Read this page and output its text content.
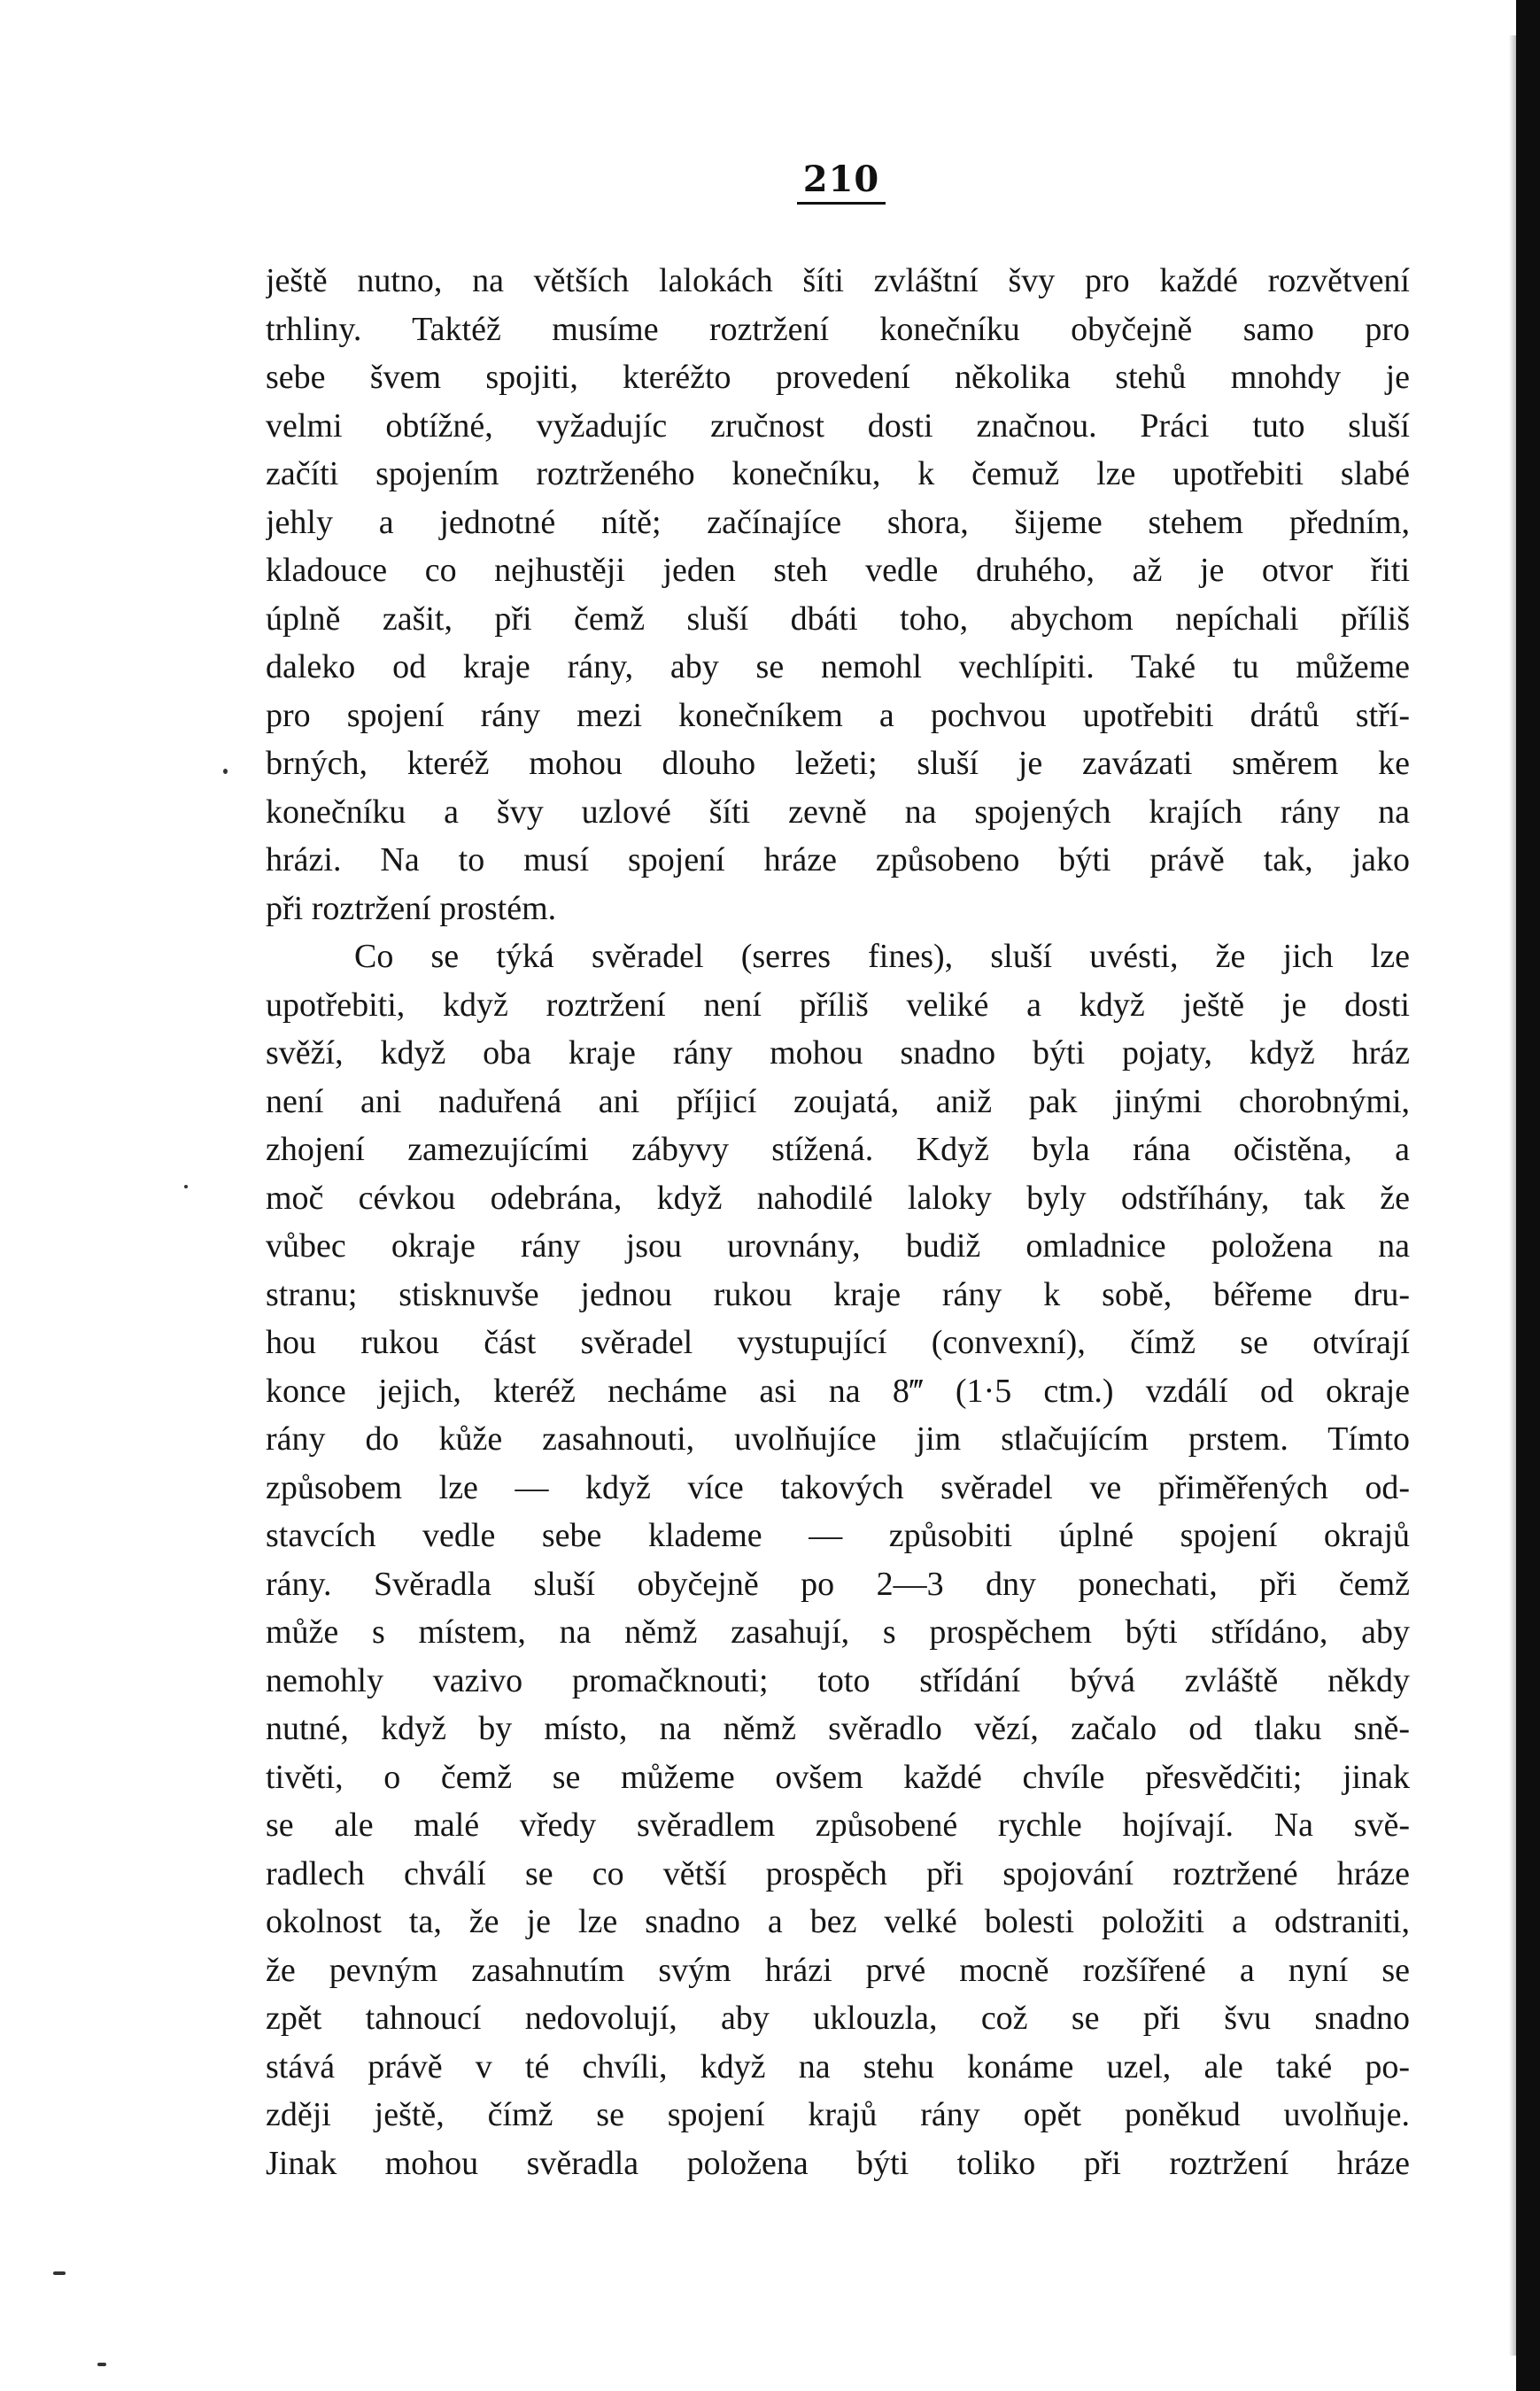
210
ještě nutno, na větších lalokách šíti zvláštní švy pro každé rozvětvení
trhliny. Taktéž musíme roztržení konečníku obyčejně samo pro
sebe švem spojiti, kteréžto provedení několika stehů mnohdy je
velmi obtížné, vyžadujíc zručnost dosti značnou. Práci tuto sluší
začíti spojením roztrženého konečníku, k čemuž lze upotřebiti slabé
jehly a jednotné nítě; začínajíce shora, šijeme stehem předním,
kladouce co nejhustěji jeden steh vedle druhého, až je otvor řiti
úplně zašit, při čemž sluší dbáti toho, abychom nepíchali příliš
daleko od kraje rány, aby se nemohl vechlípiti. Také tu můžeme
pro spojení rány mezi konečníkem a pochvou upotřebiti drátů stří-
brných, kteréž mohou dlouho ležeti; sluší je zavázati směrem ke
konečníku a švy uzlové šíti zevně na spojených krajích rány na
hrázi. Na to musí spojení hráze způsobeno býti právě tak, jako
při roztržení prostém.
Co se týká svěradel (serres fines), sluší uvésti, že jich lze
upotřebiti, když roztržení není příliš veliké a když ještě je dosti
svěží, když oba kraje rány mohou snadno býti pojaty, když hráz
není ani naduřená ani příjicí zoujatá, aniž pak jinými chorobnými,
zhojení zamezujícími zábyvy stížená. Když byla rána očistěna, a
moč cévkou odebrána, když nahodilé laloky byly odstříhány, tak že
vůbec okraje rány jsou urovnány, budiž omladnice položena na
stranu; stisknuvše jednou rukou kraje rány k sobě, béřeme dru-
hou rukou část svěradel vystupující (convexní), čímž se otvírají
konce jejich, kteréž necháme asi na 8‴ (1·5 ctm.) vzdálí od okraje
rány do kůže zasahnouti, uvolňujíce jim stlačujícím prstem. Tímto
způsobem lze — když více takových svěradel ve přiměřených od-
stavcích vedle sebe klademe — způsobiti úplné spojení okrajů
rány. Svěradla sluší obyčejně po 2—3 dny ponechati, při čemž
může s místem, na němž zasahují, s prospěchem býti střídáno, aby
nemohly vazivo promačknouti; toto střídání bývá zvláště někdy
nutné, když by místo, na němž svěradlo vězí, začalo od tlaku sně-
tivěti, o čemž se můžeme ovšem každé chvíle přesvědčiti; jinak
se ale malé vředy svěradlem způsobené rychle hojívají. Na svě-
radlech chválí se co větší prospěch při spojování roztržené hráze
okolnost ta, že je lze snadno a bez velké bolesti položiti a odstraniti,
že pevným zasahnutím svým hrázi prvé mocně rozšířené a nyní se
zpět tahnoucí nedovolují, aby uklouzla, což se při švu snadno
stává právě v té chvíli, když na stehu konáme uzel, ale také po-
zději ještě, čímž se spojení krajů rány opět poněkud uvolňuje.
Jinak mohou svěradla položena býti toliko při roztržení hráze
